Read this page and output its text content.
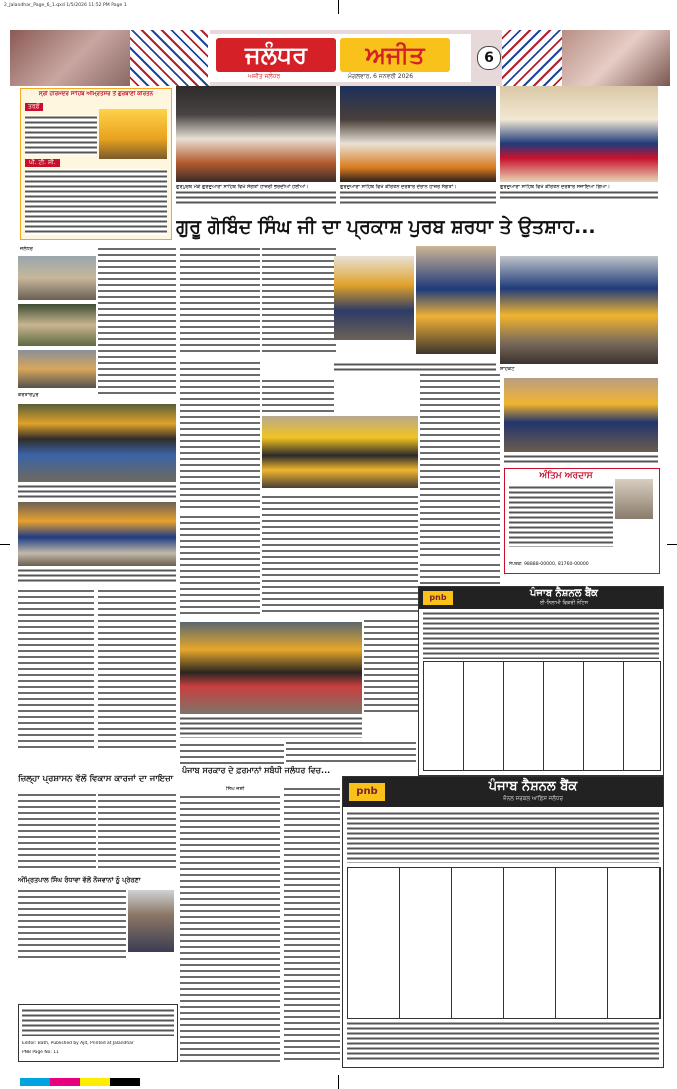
2_Jalandhar_Page_6_1.qxd 1/5/2026 11:52 PM Page 1
ਜਲੰਧਰ	ਅਜੀਤ
ਅਜੀਤ ਜਲੰਧਰ	ਮੰਗਲਵਾਰ, 6 ਜਨਵਰੀ 2026
6
ਸ੍ਰੀ ਹਰਿਮੰਦਰ ਸਾਹਿਬ ਅੰਮ੍ਰਿਤਸਰ ਤੋਂ ਗੁਰਬਾਣੀ ਕੀਰਤਨ
ਤਰਫ਼ੋਂ
ਪੀ. ਟੀ. ਸੀ.
ਗੁਰਪੁਰਬ ਮੌਕੇ ਗੁਰਦੁਆਰਾ ਸਾਹਿਬ ਵਿਖੇ ਸੰਗਤਾਂ ਹਾਜ਼ਰੀ ਭਰਦੀਆਂ ਹੋਈਆਂ।	ਗੁਰਦੁਆਰਾ ਸਾਹਿਬ ਵਿਖੇ ਕੀਰਤਨ ਦਰਬਾਰ ਦੌਰਾਨ ਹਾਜ਼ਰ ਸੰਗਤਾਂ।	ਗੁਰਦੁਆਰਾ ਸਾਹਿਬ ਵਿਖੇ ਕੀਰਤਨ ਦਰਬਾਰ ਸਜਾਇਆ ਗਿਆ।
ਗੁਰੂ ਗੋਬਿੰਦ ਸਿੰਘ ਜੀ ਦਾ ਪ੍ਰਕਾਸ਼ ਪੁਰਬ ਸ਼ਰਧਾ ਤੇ ਉਤਸ਼ਾਹ...
ਜਲੰਧਰ
ਕਰਤਾਰਪੁਰ
ਸ਼ਾਹਕੋਟ
ਅੰਤਿਮ ਅਰਦਾਸ
ਸੰਪਰਕ: 98888-00000, 81760-00000
pnb	ਪੰਜਾਬ ਨੈਸ਼ਨਲ ਬੈਂਕ
ਈ-ਨਿਲਾਮੀ ਵਿਕਰੀ ਨੋਟਿਸ
pnb	ਪੰਜਾਬ ਨੈਸ਼ਨਲ ਬੈਂਕ
ਜ਼ੋਨਲ ਸਰਕਲ ਆਫ਼ਿਸ ਜਲੰਧਰ
ਪੰਜਾਬ ਸਰਕਾਰ ਦੇ ਫ਼ਰਮਾਨਾਂ ਸਬੰਧੀ ਜਲੰਧਰ ਵਿਚ...
ਸਿੰਘ ਜੋਸ਼ੀ
ਜ਼ਿਲ੍ਹਾ ਪ੍ਰਸ਼ਾਸਨ ਵੱਲੋਂ ਵਿਕਾਸ ਕਾਰਜਾਂ ਦਾ ਜਾਇਜ਼ਾ
ਅੰਮ੍ਰਿਤਪਾਲ ਸਿੰਘ ਰੰਧਾਵਾ ਵੱਲੋਂ ਨੌਜਵਾਨਾਂ ਨੂੰ ਪ੍ਰੇਰਣਾ
Editor: Bath, Published by Ajit, Printed at Jalandhar
PNB Page No: 11
